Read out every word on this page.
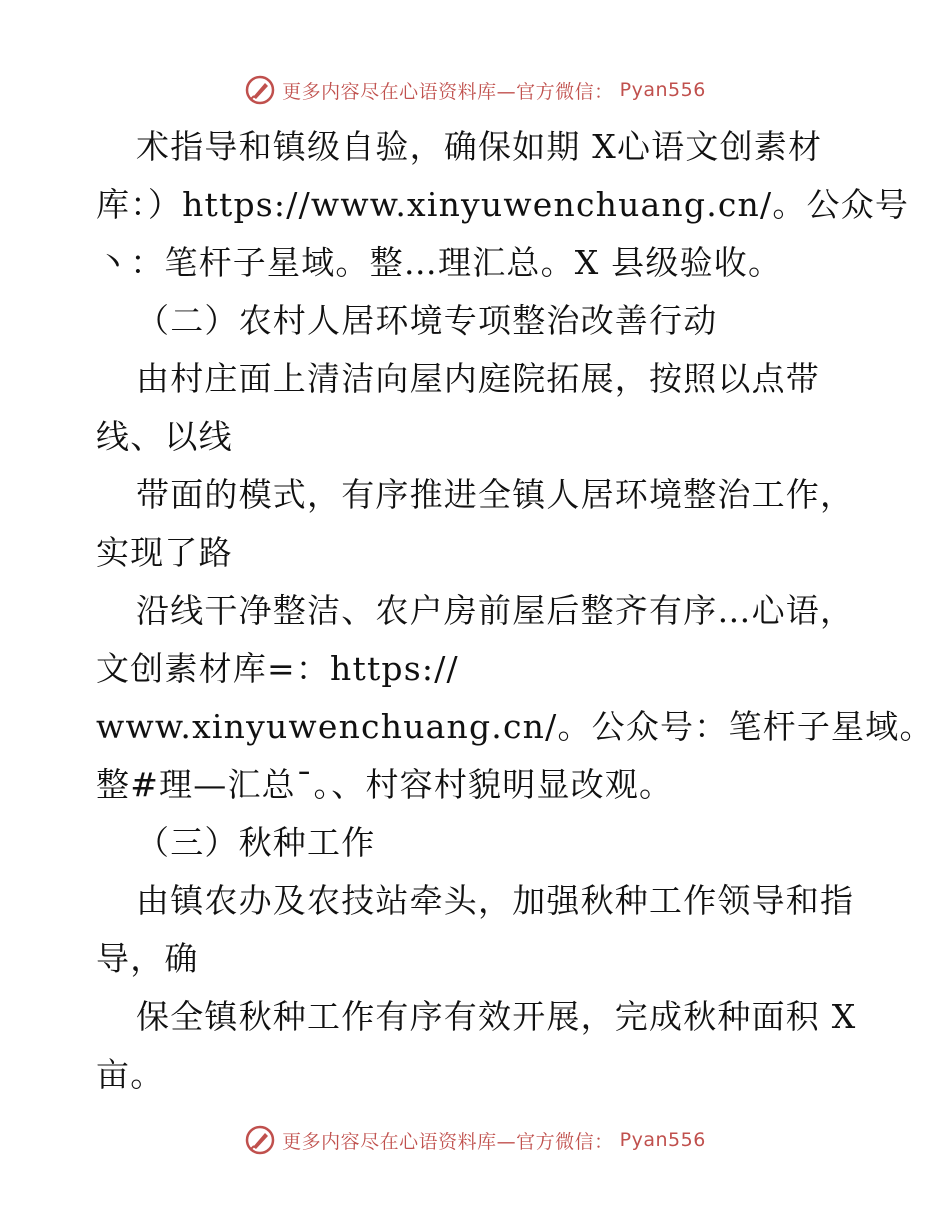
更多内容尽在心语资料库—官方微信： Pyan556
术指导和镇级自验，确保如期 X心语文创素材
库：）https://www.xinyuwenchuang.cn/。公众号
丶：笔杆子星域。整…理汇总。X 县级验收。
（二）农村人居环境专项整治改善行动
由村庄面上清洁向屋内庭院拓展，按照以点带
线、以线
带面的模式，有序推进全镇人居环境整治工作，
实现了路
沿线干净整洁、农户房前屋后整齐有序…心语，
文创素材库=：https://
www.xinyuwenchuang.cn/。公众号：笔杆子星域。
整#理—汇总¯。、村容村貌明显改观。
（三）秋种工作
由镇农办及农技站牵头，加强秋种工作领导和指
导，确
保全镇秋种工作有序有效开展，完成秋种面积 X
亩。
更多内容尽在心语资料库—官方微信： Pyan556
